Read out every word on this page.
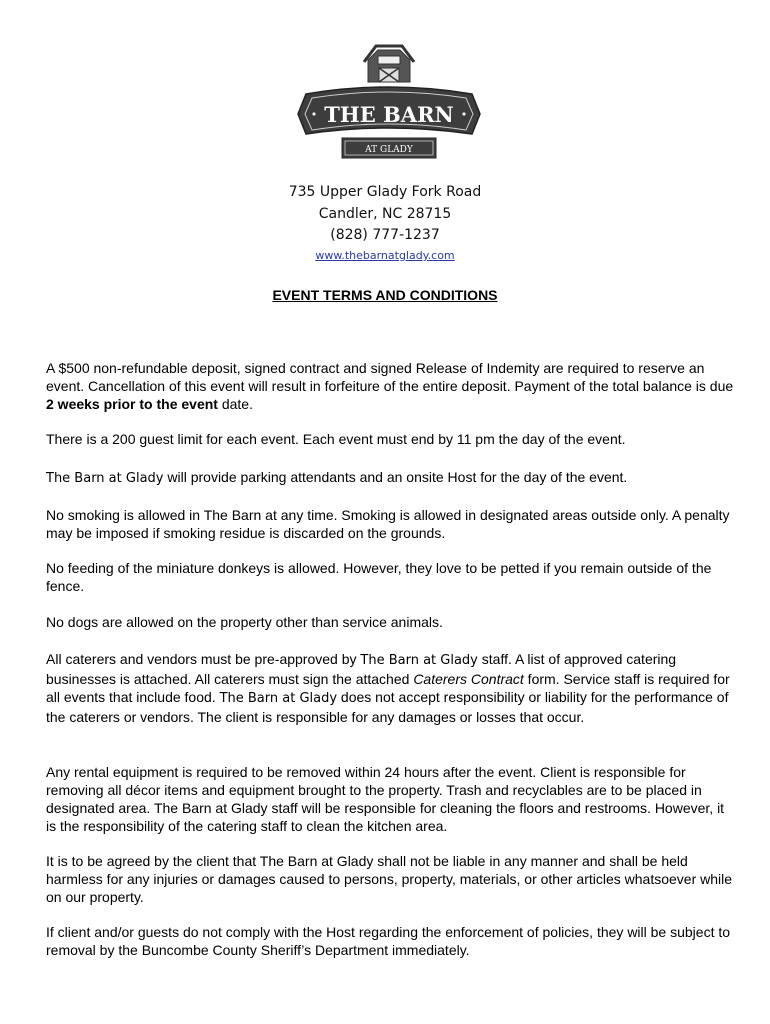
THE BARN
AT GLADY
735 Upper Glady Fork Road
Candler, NC 28715
(828) 777-1237
www.thebarnatglady.com
EVENT TERMS AND CONDITIONS
A $500 non-refundable deposit, signed contract and signed Release of Indemity are required to reserve an event. Cancellation of this event will result in forfeiture of the entire deposit. Payment of the total balance is due 2 weeks prior to the event date.
There is a 200 guest limit for each event. Each event must end by 11 pm the day of the event.
The Barn at Glady will provide parking attendants and an onsite Host for the day of the event.
No smoking is allowed in The Barn at any time. Smoking is allowed in designated areas outside only. A penalty may be imposed if smoking residue is discarded on the grounds.
No feeding of the miniature donkeys is allowed. However, they love to be petted if you remain outside of the fence.
No dogs are allowed on the property other than service animals.
All caterers and vendors must be pre-approved by The Barn at Glady staff. A list of approved catering businesses is attached. All caterers must sign the attached Caterers Contract form. Service staff is required for all events that include food. The Barn at Glady does not accept responsibility or liability for the performance of the caterers or vendors. The client is responsible for any damages or losses that occur.
Any rental equipment is required to be removed within 24 hours after the event. Client is responsible for removing all décor items and equipment brought to the property. Trash and recyclables are to be placed in designated area. The Barn at Glady staff will be responsible for cleaning the floors and restrooms. However, it is the responsibility of the catering staff to clean the kitchen area.
It is to be agreed by the client that The Barn at Glady shall not be liable in any manner and shall be held harmless for any injuries or damages caused to persons, property, materials, or other articles whatsoever while on our property.
If client and/or guests do not comply with the Host regarding the enforcement of policies, they will be subject to removal by the Buncombe County Sheriff’s Department immediately.
